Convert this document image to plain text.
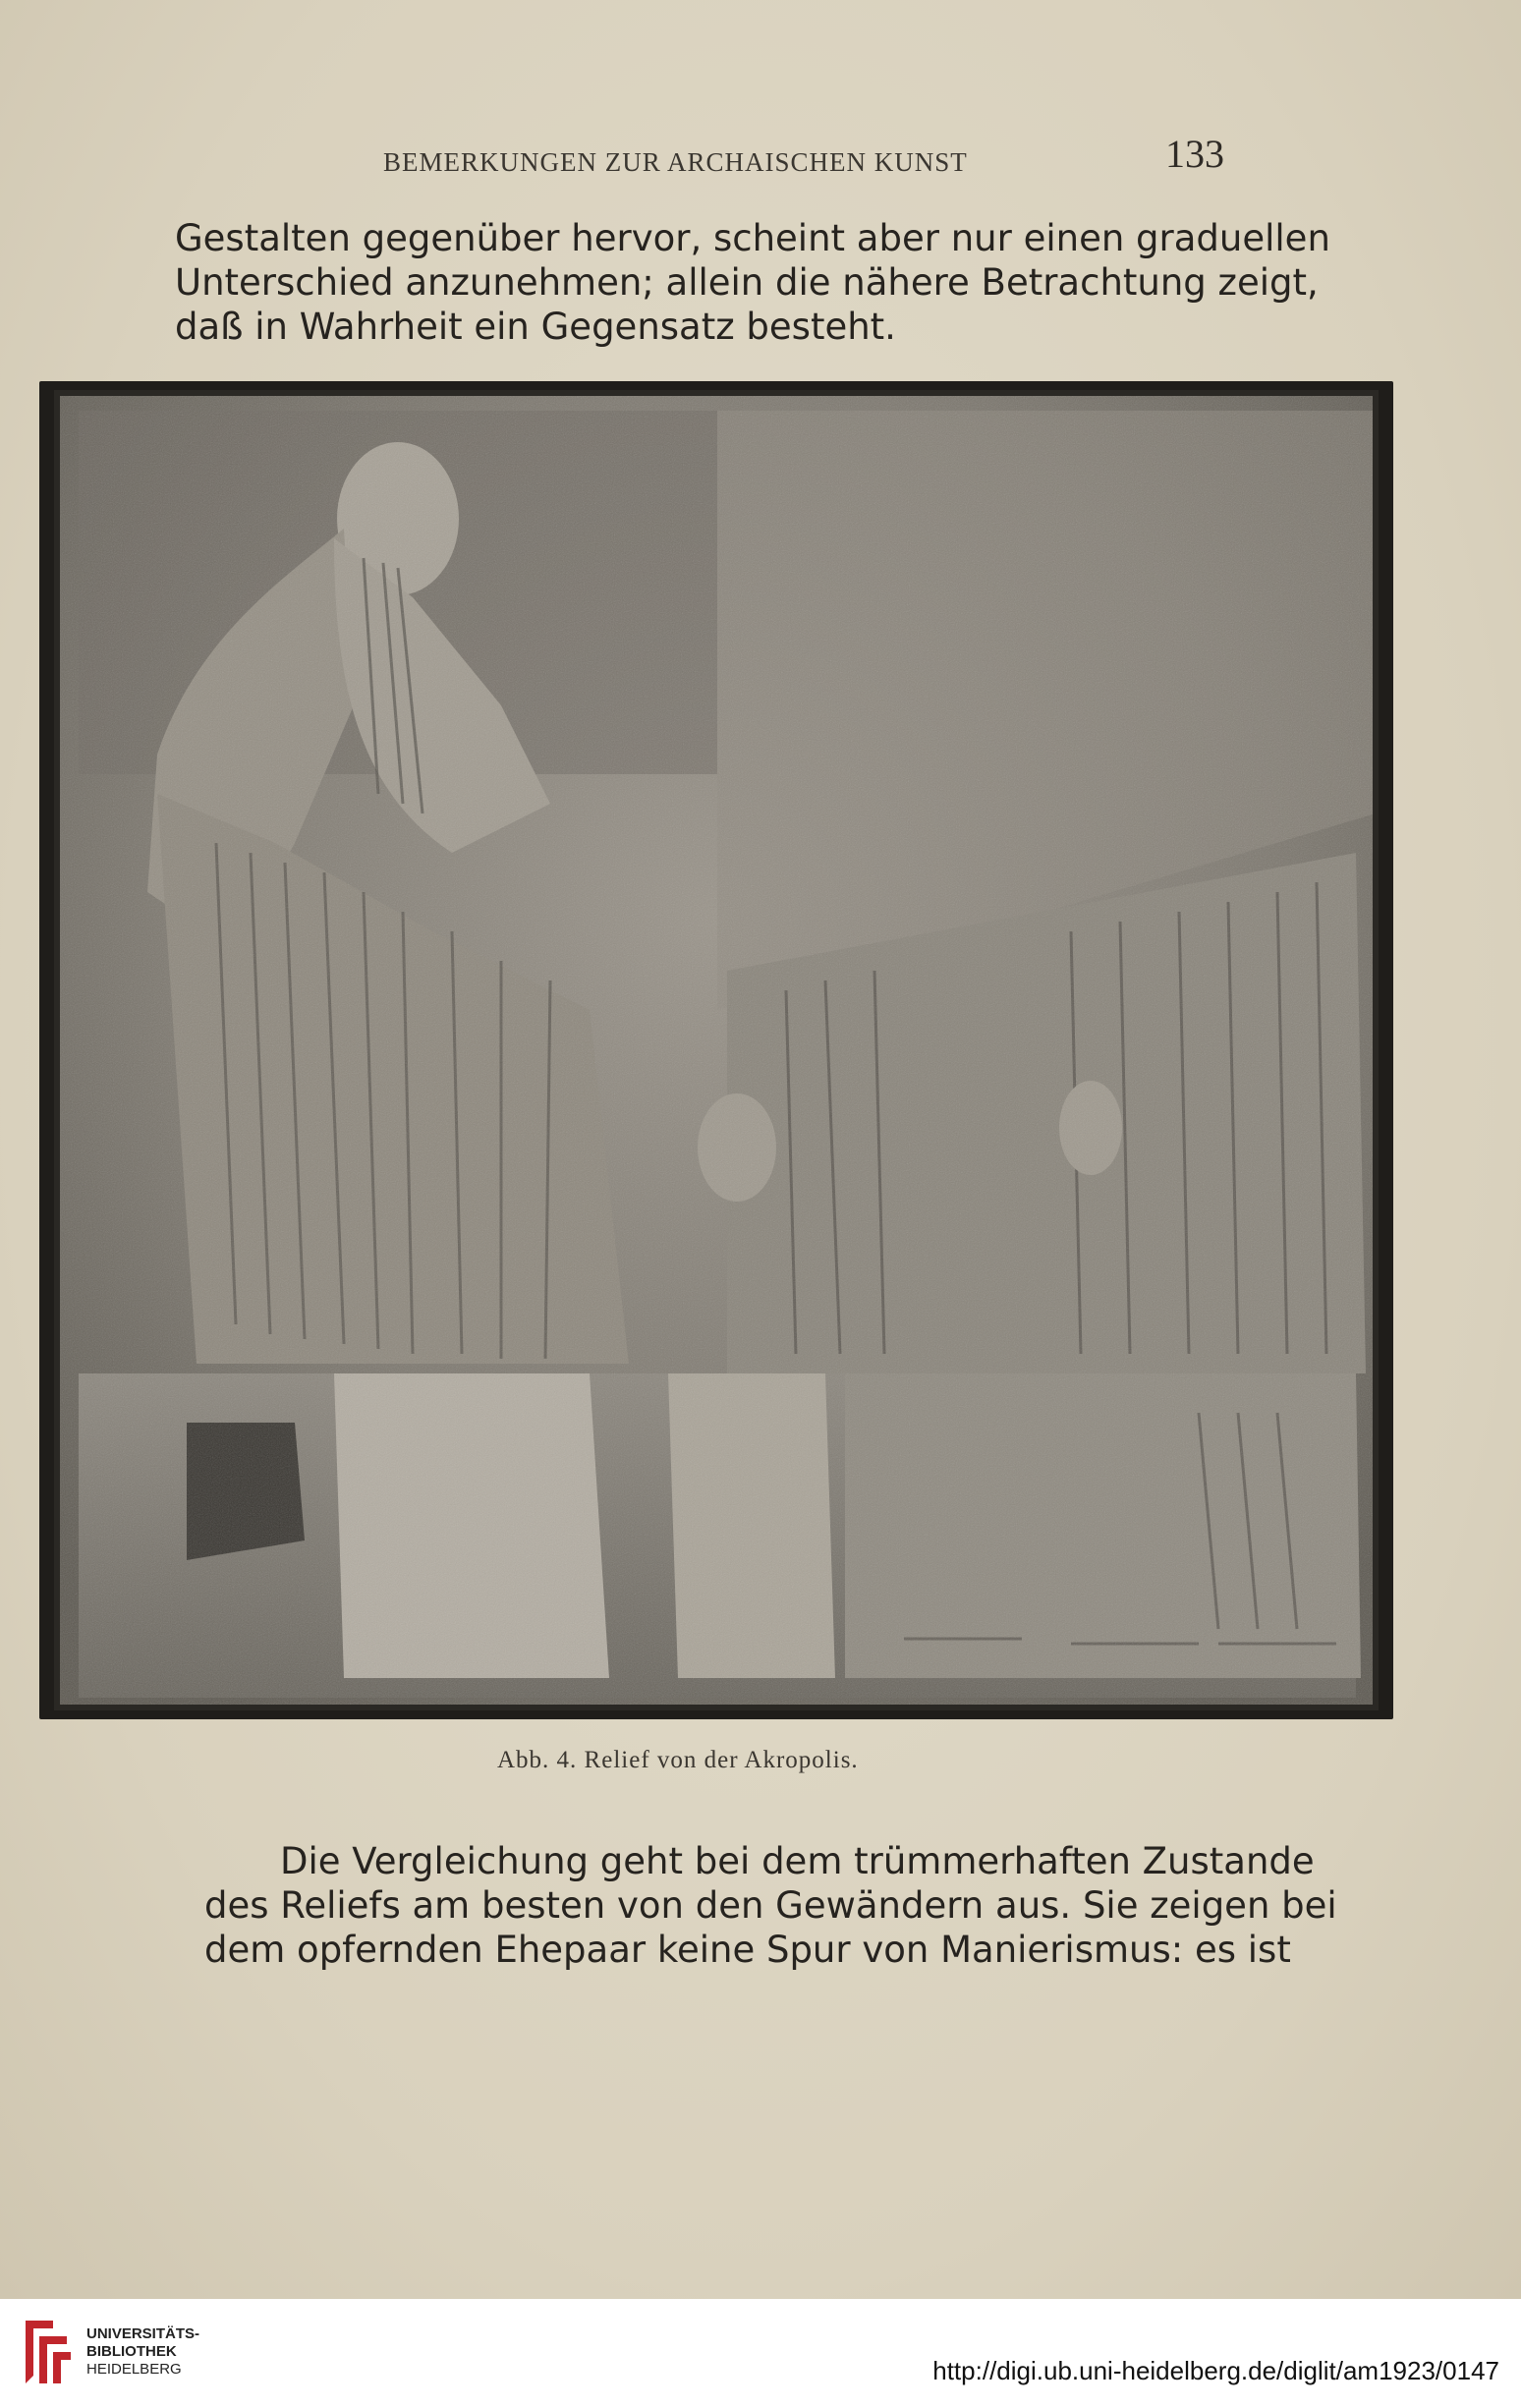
BEMERKUNGEN ZUR ARCHAISCHEN KUNST	133

Gestalten gegenüber hervor, scheint aber nur einen graduellen
Unterschied anzunehmen; allein die nähere Betrachtung zeigt,
daß in Wahrheit ein Gegensatz besteht.

Abb. 4. Relief von der Akropolis.

Die Vergleichung geht bei dem trümmerhaften Zustande
des Reliefs am besten von den Gewändern aus. Sie zeigen bei
dem opfernden Ehepaar keine Spur von Manierismus: es ist

UNIVERSITÄTS-
BIBLIOTHEK
HEIDELBERG	http://digi.ub.uni-heidelberg.de/diglit/am1923/0147
